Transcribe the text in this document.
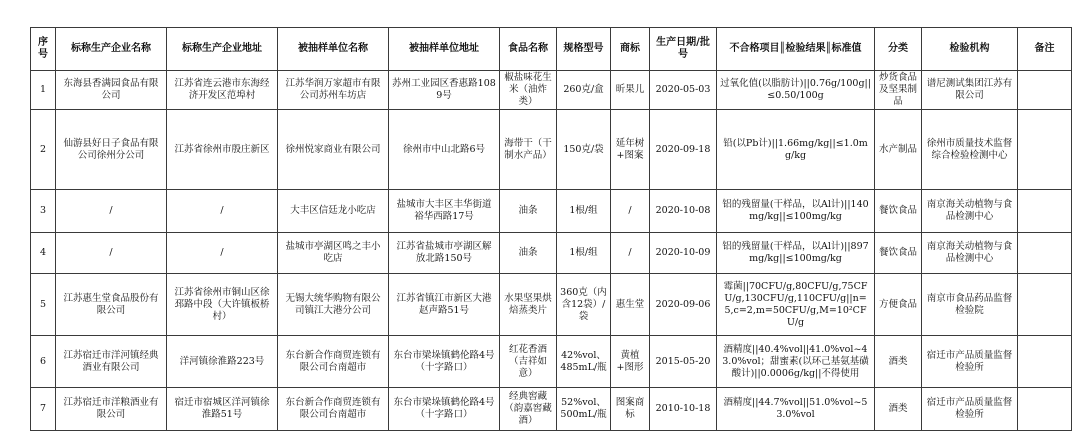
序号	标称生产企业名称	标称生产企业地址	被抽样单位名称	被抽样单位地址	食品名称	规格型号	商标	生产日期/批号	不合格项目║检验结果║标准值	分类	检验机构	备注
1	东海县香满园食品有限公司	江苏省连云港市东海经济开发区范埠村	江苏华润万家超市有限公司苏州车坊店	苏州工业园区香惠路1089号	椒盐味花生米（油炸类）	260克/盒	昕果儿	2020-05-03	过氧化值(以脂肪计)||0.76g/100g||≤0.50/100g	炒货食品及坚果制品	谱尼测试集团江苏有限公司	
2	仙游县好日子食品有限公司徐州分公司	江苏省徐州市殷庄新区	徐州悦家商业有限公司	徐州市中山北路6号	海带干（干制水产品）	150克/袋	延年树+图案	2020-09-18	铅(以Pb计)||1.66mg/kg||≤1.0mg/kg	水产制品	徐州市质量技术监督综合检验检测中心	
3	/	/	大丰区信廷龙小吃店	盐城市大丰区丰华街道裕华西路17号	油条	1根/组	/	2020-10-08	铝的残留量(干样品，以Al计)||140mg/kg||≤100mg/kg	餐饮食品	南京海关动植物与食品检测中心	
4	/	/	盐城市亭湖区鸣之丰小吃店	江苏省盐城市亭湖区解放北路150号	油条	1根/组	/	2020-10-09	铝的残留量(干样品，以Al计)||897mg/kg||≤100mg/kg	餐饮食品	南京海关动植物与食品检测中心	
5	江苏惠生堂食品股份有限公司	江苏省徐州市铜山区徐邳路中段（大许镇板桥村）	无锡大统华购物有限公司镇江大港分公司	江苏省镇江市新区大港赵声路51号	水果坚果烘焙蒸类片	360克（内含12袋）/袋	惠生堂	2020-09-06	霉菌||70CFU/g,80CFU/g,75CFU/g,130CFU/g,110CFU/g||n=5,c=2,m=50CFU/g,M=10²CFU/g	方便食品	南京市食品药品监督检验院	
6	江苏宿迁市洋河镇经典酒业有限公司	洋河镇徐淮路223号	东台新合作商贸连锁有限公司台南超市	东台市梁垛镇鹤伦路4号（十字路口）	红花香酒（吉祥如意）	42%vol、485mL/瓶	黄植+图形	2015-05-20	酒精度||40.4%vol||41.0%vol~43.0%vol；甜蜜素(以环己基氨基磺酸计)||0.0006g/kg||不得使用	酒类	宿迁市产品质量监督检验所	
7	江苏宿迁市洋粮酒业有限公司	宿迁市宿城区洋河镇徐淮路51号	东台新合作商贸连锁有限公司台南超市	东台市梁垛镇鹤伦路4号（十字路口）	经典窖藏（韵嘉窖藏酒）	52%vol、500mL/瓶	图案商标	2010-10-18	酒精度||44.7%vol||51.0%vol~53.0%vol	酒类	宿迁市产品质量监督检验所	
